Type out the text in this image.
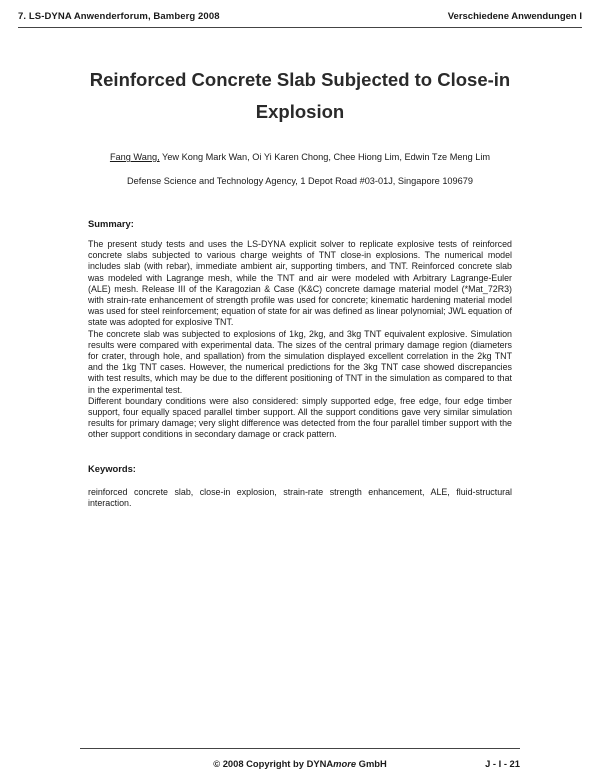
7. LS-DYNA Anwenderforum, Bamberg 2008	Verschiedene Anwendungen I
Reinforced Concrete Slab Subjected to Close-in
Explosion
Fang Wang, Yew Kong Mark Wan, Oi Yi Karen Chong, Chee Hiong Lim, Edwin Tze Meng Lim
Defense Science and Technology Agency, 1 Depot Road #03-01J, Singapore 109679
Summary:

The present study tests and uses the LS-DYNA explicit solver to replicate explosive tests of reinforced concrete slabs subjected to various charge weights of TNT close-in explosions. The numerical model includes slab (with rebar), immediate ambient air, supporting timbers, and TNT. Reinforced concrete slab was modeled with Lagrange mesh, while the TNT and air were modeled with Arbitrary Lagrange-Euler (ALE) mesh. Release III of the Karagozian & Case (K&C) concrete damage material model (*Mat_72R3) with strain-rate enhancement of strength profile was used for concrete; kinematic hardening material model was used for steel reinforcement; equation of state for air was defined as linear polynomial; JWL equation of state was adopted for explosive TNT.

The concrete slab was subjected to explosions of 1kg, 2kg, and 3kg TNT equivalent explosive. Simulation results were compared with experimental data. The sizes of the central primary damage region (diameters for crater, through hole, and spallation) from the simulation displayed excellent correlation in the 2kg TNT and the 1kg TNT cases. However, the numerical predictions for the 3kg TNT case showed discrepancies with test results, which may be due to the different positioning of TNT in the simulation as compared to that in the experimental test.

Different boundary conditions were also considered: simply supported edge, free edge, four edge timber support, four equally spaced parallel timber support. All the support conditions gave very similar simulation results for primary damage; very slight difference was detected from the four parallel timber support with the other support conditions in secondary damage or crack pattern.

Keywords:

reinforced concrete slab, close-in explosion, strain-rate strength enhancement, ALE, fluid-structural interaction.

© 2008 Copyright by DYNAmore GmbH	J - I - 21
